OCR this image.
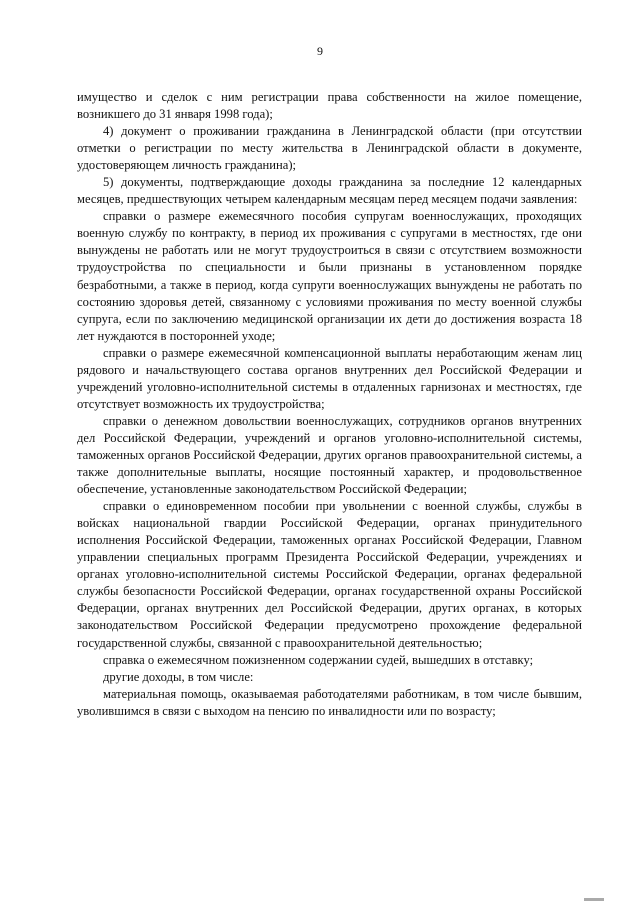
9

имущество и сделок с ним регистрации права собственности на жилое помещение, возникшего до 31 января 1998 года);

4) документ о проживании гражданина в Ленинградской области (при отсутствии отметки о регистрации по месту жительства в Ленинградской области в документе, удостоверяющем личность гражданина);

5) документы, подтверждающие доходы гражданина за последние 12 календарных месяцев, предшествующих четырем календарным месяцам перед месяцем подачи заявления:

справки о размере ежемесячного пособия супругам военнослужащих, проходящих военную службу по контракту, в период их проживания с супругами в местностях, где они вынуждены не работать или не могут трудоустроиться в связи с отсутствием возможности трудоустройства по специальности и были признаны в установленном порядке безработными, а также в период, когда супруги военнослужащих вынуждены не работать по состоянию здоровья детей, связанному с условиями проживания по месту военной службы супруга, если по заключению медицинской организации их дети до достижения возраста 18 лет нуждаются в посторонней уходе;

справки о размере ежемесячной компенсационной выплаты неработающим женам лиц рядового и начальствующего состава органов внутренних дел Российской Федерации и учреждений уголовно-исполнительной системы в отдаленных гарнизонах и местностях, где отсутствует возможность их трудоустройства;

справки о денежном довольствии военнослужащих, сотрудников органов внутренних дел Российской Федерации, учреждений и органов уголовно-исполнительной системы, таможенных органов Российской Федерации, других органов правоохранительной системы, а также дополнительные выплаты, носящие постоянный характер, и продовольственное обеспечение, установленные законодательством Российской Федерации;

справки о единовременном пособии при увольнении с военной службы, службы в войсках национальной гвардии Российской Федерации, органах принудительного исполнения Российской Федерации, таможенных органах Российской Федерации, Главном управлении специальных программ Президента Российской Федерации, учреждениях и органах уголовно-исполнительной системы Российской Федерации, органах федеральной службы безопасности Российской Федерации, органах государственной охраны Российской Федерации, органах внутренних дел Российской Федерации, других органах, в которых законодательством Российской Федерации предусмотрено прохождение федеральной государственной службы, связанной с правоохранительной деятельностью;

справка о ежемесячном пожизненном содержании судей, вышедших в отставку;

другие доходы, в том числе:

материальная помощь, оказываемая работодателями работникам, в том числе бывшим, уволившимся в связи с выходом на пенсию по инвалидности или по возрасту;
